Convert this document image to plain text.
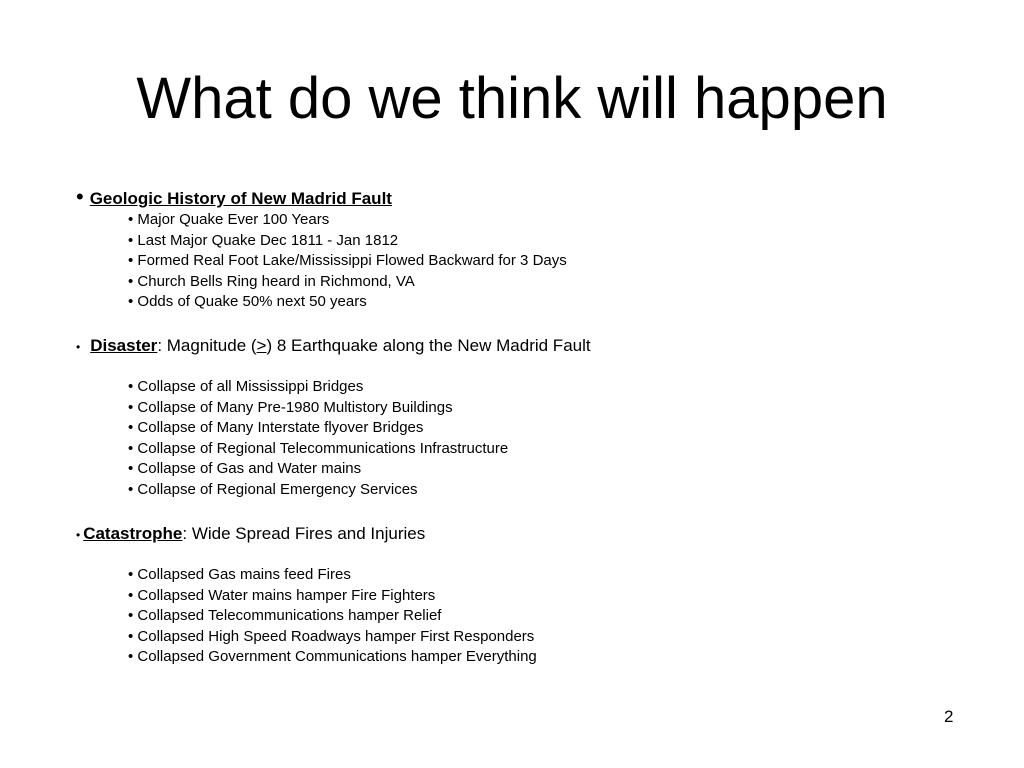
What do we think will happen
• Geologic History of New Madrid Fault
• Major Quake Ever 100 Years
• Last Major Quake Dec 1811 - Jan 1812
• Formed Real Foot Lake/Mississippi Flowed Backward for 3 Days
• Church Bells Ring heard in Richmond, VA
• Odds of Quake 50% next 50 years
• Disaster: Magnitude (>) 8 Earthquake along the New Madrid Fault
• Collapse of all Mississippi Bridges
• Collapse of Many Pre-1980 Multistory Buildings
• Collapse of Many Interstate flyover Bridges
• Collapse of Regional Telecommunications Infrastructure
• Collapse of Gas and Water mains
• Collapse of Regional Emergency Services
• Catastrophe: Wide Spread Fires and Injuries
• Collapsed Gas mains feed Fires
• Collapsed Water mains hamper Fire Fighters
• Collapsed Telecommunications hamper Relief
• Collapsed High Speed Roadways hamper First Responders
• Collapsed Government Communications hamper Everything
2
